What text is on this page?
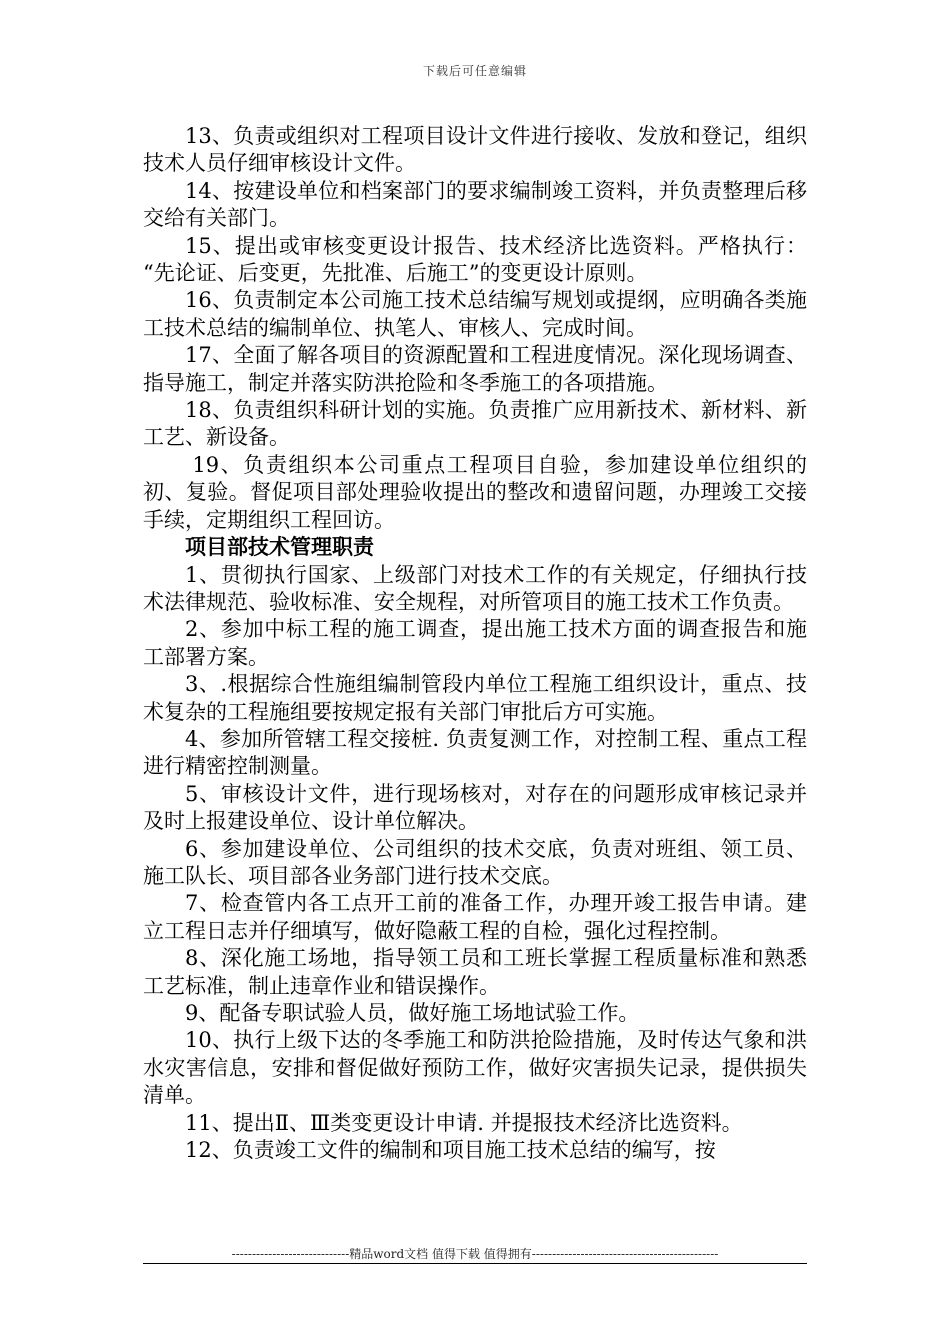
下载后可任意编辑

13、负责或组织对工程项目设计文件进行接收、发放和登记，组织技术人员仔细审核设计文件。

14、按建设单位和档案部门的要求编制竣工资料，并负责整理后移交给有关部门。

15、提出或审核变更设计报告、技术经济比选资料。严格执行： “先论证、后变更，先批准、后施工”的变更设计原则。

16、负责制定本公司施工技术总结编写规划或提纲，应明确各类施工技术总结的编制单位、执笔人、审核人、完成时间。

17、全面了解各项目的资源配置和工程进度情况。深化现场调查、指导施工，制定并落实防洪抢险和冬季施工的各项措施。

18、负责组织科研计划的实施。负责推广应用新技术、新材料、新工艺、新设备。

19、负责组织本公司重点工程项目自验，参加建设单位组织的初、复验。督促项目部处理验收提出的整改和遗留问题，办理竣工交接手续，定期组织工程回访。

项目部技术管理职责

1、贯彻执行国家、上级部门对技术工作的有关规定，仔细执行技术法律规范、验收标准、安全规程，对所管项目的施工技术工作负责。

2、参加中标工程的施工调查，提出施工技术方面的调查报告和施工部署方案。

3、.根据综合性施组编制管段内单位工程施工组织设计，重点、技术复杂的工程施组要按规定报有关部门审批后方可实施。

4、参加所管辖工程交接桩. 负责复测工作，对控制工程、重点工程进行精密控制测量。

5、审核设计文件，进行现场核对，对存在的问题形成审核记录并及时上报建设单位、设计单位解决。

6、参加建设单位、公司组织的技术交底，负责对班组、领工员、施工队长、项目部各业务部门进行技术交底。

7、检查管内各工点开工前的准备工作，办理开竣工报告申请。建立工程日志并仔细填写，做好隐蔽工程的自检，强化过程控制。

8、深化施工场地，指导领工员和工班长掌握工程质量标准和熟悉工艺标准，制止违章作业和错误操作。

9、配备专职试验人员，做好施工场地试验工作。

10、执行上级下达的冬季施工和防洪抢险措施，及时传达气象和洪水灾害信息，安排和督促做好预防工作，做好灾害损失记录，提供损失清单。

11、提出Ⅱ、Ⅲ类变更设计申请. 并提报技术经济比选资料。

12、负责竣工文件的编制和项目施工技术总结的编写，按

-----------------------------精品word文档 值得下载 值得拥有----------------------------------------------
